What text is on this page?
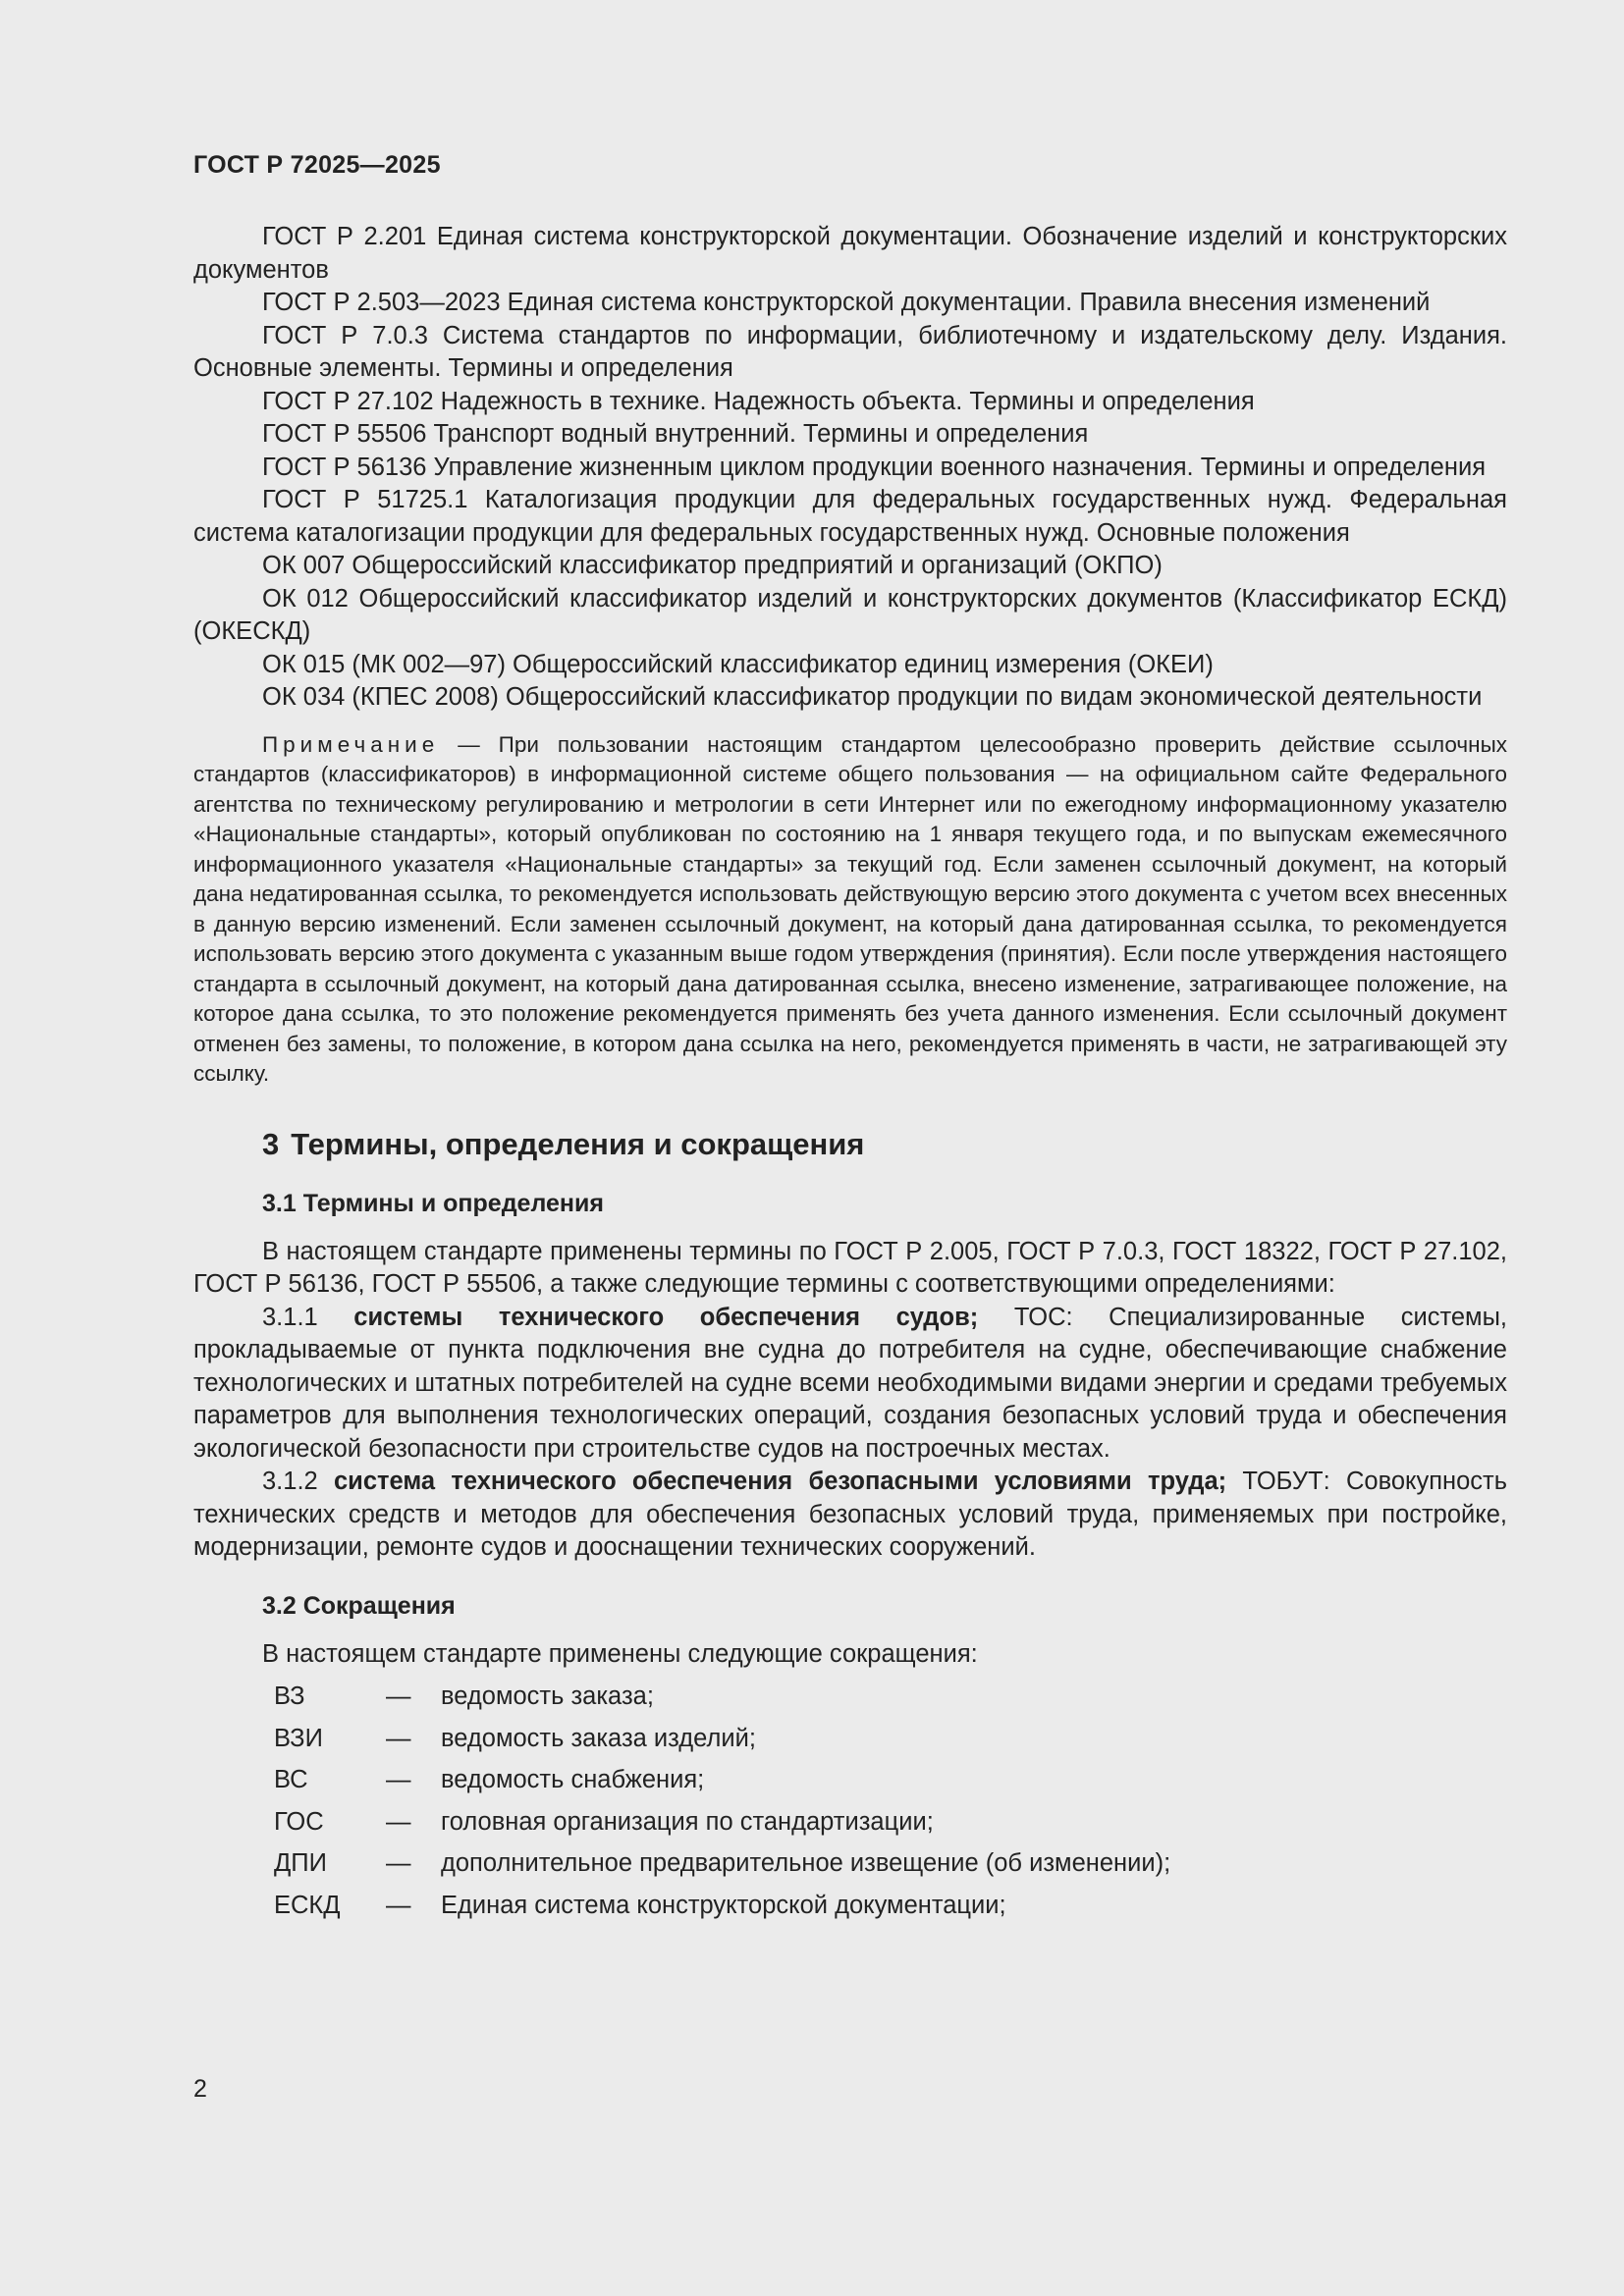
ГОСТ Р 72025—2025

ГОСТ Р 2.201 Единая система конструкторской документации. Обозначение изделий и конструкторских документов

ГОСТ Р 2.503—2023 Единая система конструкторской документации. Правила внесения изменений

ГОСТ Р 7.0.3 Система стандартов по информации, библиотечному и издательскому делу. Издания. Основные элементы. Термины и определения

ГОСТ Р 27.102 Надежность в технике. Надежность объекта. Термины и определения

ГОСТ Р 55506 Транспорт водный внутренний. Термины и определения

ГОСТ Р 56136 Управление жизненным циклом продукции военного назначения. Термины и определения

ГОСТ Р 51725.1 Каталогизация продукции для федеральных государственных нужд. Федеральная система каталогизации продукции для федеральных государственных нужд. Основные положения

ОК 007 Общероссийский классификатор предприятий и организаций (ОКПО)

ОК 012 Общероссийский классификатор изделий и конструкторских документов (Классификатор ЕСКД) (ОКЕСКД)

ОК 015 (МК 002—97) Общероссийский классификатор единиц измерения (ОКЕИ)

ОК 034 (КПЕС 2008) Общероссийский классификатор продукции по видам экономической деятельности

Примечание — При пользовании настоящим стандартом целесообразно проверить действие ссылочных стандартов (классификаторов) в информационной системе общего пользования — на официальном сайте Федерального агентства по техническому регулированию и метрологии в сети Интернет или по ежегодному информационному указателю «Национальные стандарты», который опубликован по состоянию на 1 января текущего года, и по выпускам ежемесячного информационного указателя «Национальные стандарты» за текущий год. Если заменен ссылочный документ, на который дана недатированная ссылка, то рекомендуется использовать действующую версию этого документа с учетом всех внесенных в данную версию изменений. Если заменен ссылочный документ, на который дана датированная ссылка, то рекомендуется использовать версию этого документа с указанным выше годом утверждения (принятия). Если после утверждения настоящего стандарта в ссылочный документ, на который дана датированная ссылка, внесено изменение, затрагивающее положение, на которое дана ссылка, то это положение рекомендуется применять без учета данного изменения. Если ссылочный документ отменен без замены, то положение, в котором дана ссылка на него, рекомендуется применять в части, не затрагивающей эту ссылку.
3 Термины, определения и сокращения
3.1 Термины и определения
В настоящем стандарте применены термины по ГОСТ Р 2.005, ГОСТ Р 7.0.3, ГОСТ 18322, ГОСТ Р 27.102, ГОСТ Р 56136, ГОСТ Р 55506, а также следующие термины с соответствующими определениями:
3.1.1 системы технического обеспечения судов; ТОС: Специализированные системы, прокладываемые от пункта подключения вне судна до потребителя на судне, обеспечивающие снабжение технологических и штатных потребителей на судне всеми необходимыми видами энергии и средами требуемых параметров для выполнения технологических операций, создания безопасных условий труда и обеспечения экологической безопасности при строительстве судов на построечных местах.
3.1.2 система технического обеспечения безопасными условиями труда; ТОБУТ: Совокупность технических средств и методов для обеспечения безопасных условий труда, применяемых при постройке, модернизации, ремонте судов и дооснащении технических сооружений.
3.2 Сокращения
В настоящем стандарте применены следующие сокращения:
ВЗ	—	ведомость заказа;
ВЗИ	—	ведомость заказа изделий;
ВС	—	ведомость снабжения;
ГОС	—	головная организация по стандартизации;
ДПИ	—	дополнительное предварительное извещение (об изменении);
ЕСКД	—	Единая система конструкторской документации;
2
